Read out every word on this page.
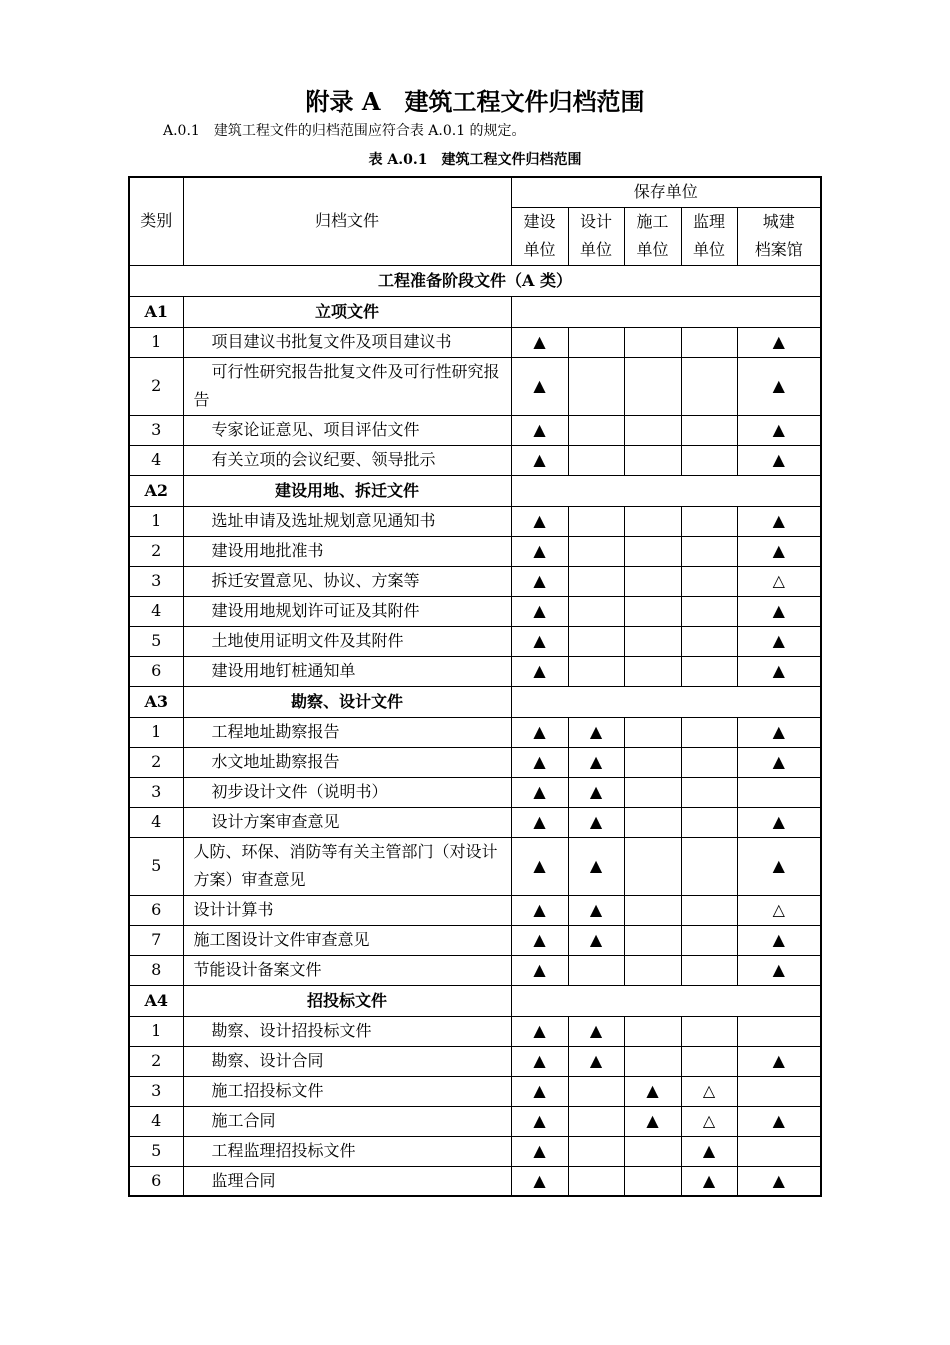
附录 A　建筑工程文件归档范围
A.0.1　建筑工程文件的归档范围应符合表 A.0.1 的规定。
表 A.0.1　建筑工程文件归档范围
类别	归档文件	保存单位				
		建设	设计	施工	监理	城建
		单位	单位	单位	单位	档案馆
工程准备阶段文件（A 类）						
A1	立项文件					
1	项目建议书批复文件及项目建议书	▲				▲
2	可行性研究报告批复文件及可行性研究报告	▲				▲
3	专家论证意见、项目评估文件	▲				▲
4	有关立项的会议纪要、领导批示	▲				▲
A2	建设用地、拆迁文件					
1	选址申请及选址规划意见通知书	▲				▲
2	建设用地批准书	▲				▲
3	拆迁安置意见、协议、方案等	▲				△
4	建设用地规划许可证及其附件	▲				▲
5	土地使用证明文件及其附件	▲				▲
6	建设用地钉桩通知单	▲				▲
A3	勘察、设计文件					
1	工程地址勘察报告	▲	▲			▲
2	水文地址勘察报告	▲	▲			▲
3	初步设计文件（说明书）	▲	▲			
4	设计方案审查意见	▲	▲			▲
5	人防、环保、消防等有关主管部门（对设计方案）审查意见	▲	▲			▲
6	设计计算书	▲	▲			△
7	施工图设计文件审查意见	▲	▲			▲
8	节能设计备案文件	▲				▲
A4	招投标文件					
1	勘察、设计招投标文件	▲	▲			
2	勘察、设计合同	▲	▲			▲
3	施工招投标文件	▲		▲	△	
4	施工合同	▲		▲	△	▲
5	工程监理招投标文件	▲			▲	
6	监理合同	▲			▲	▲
